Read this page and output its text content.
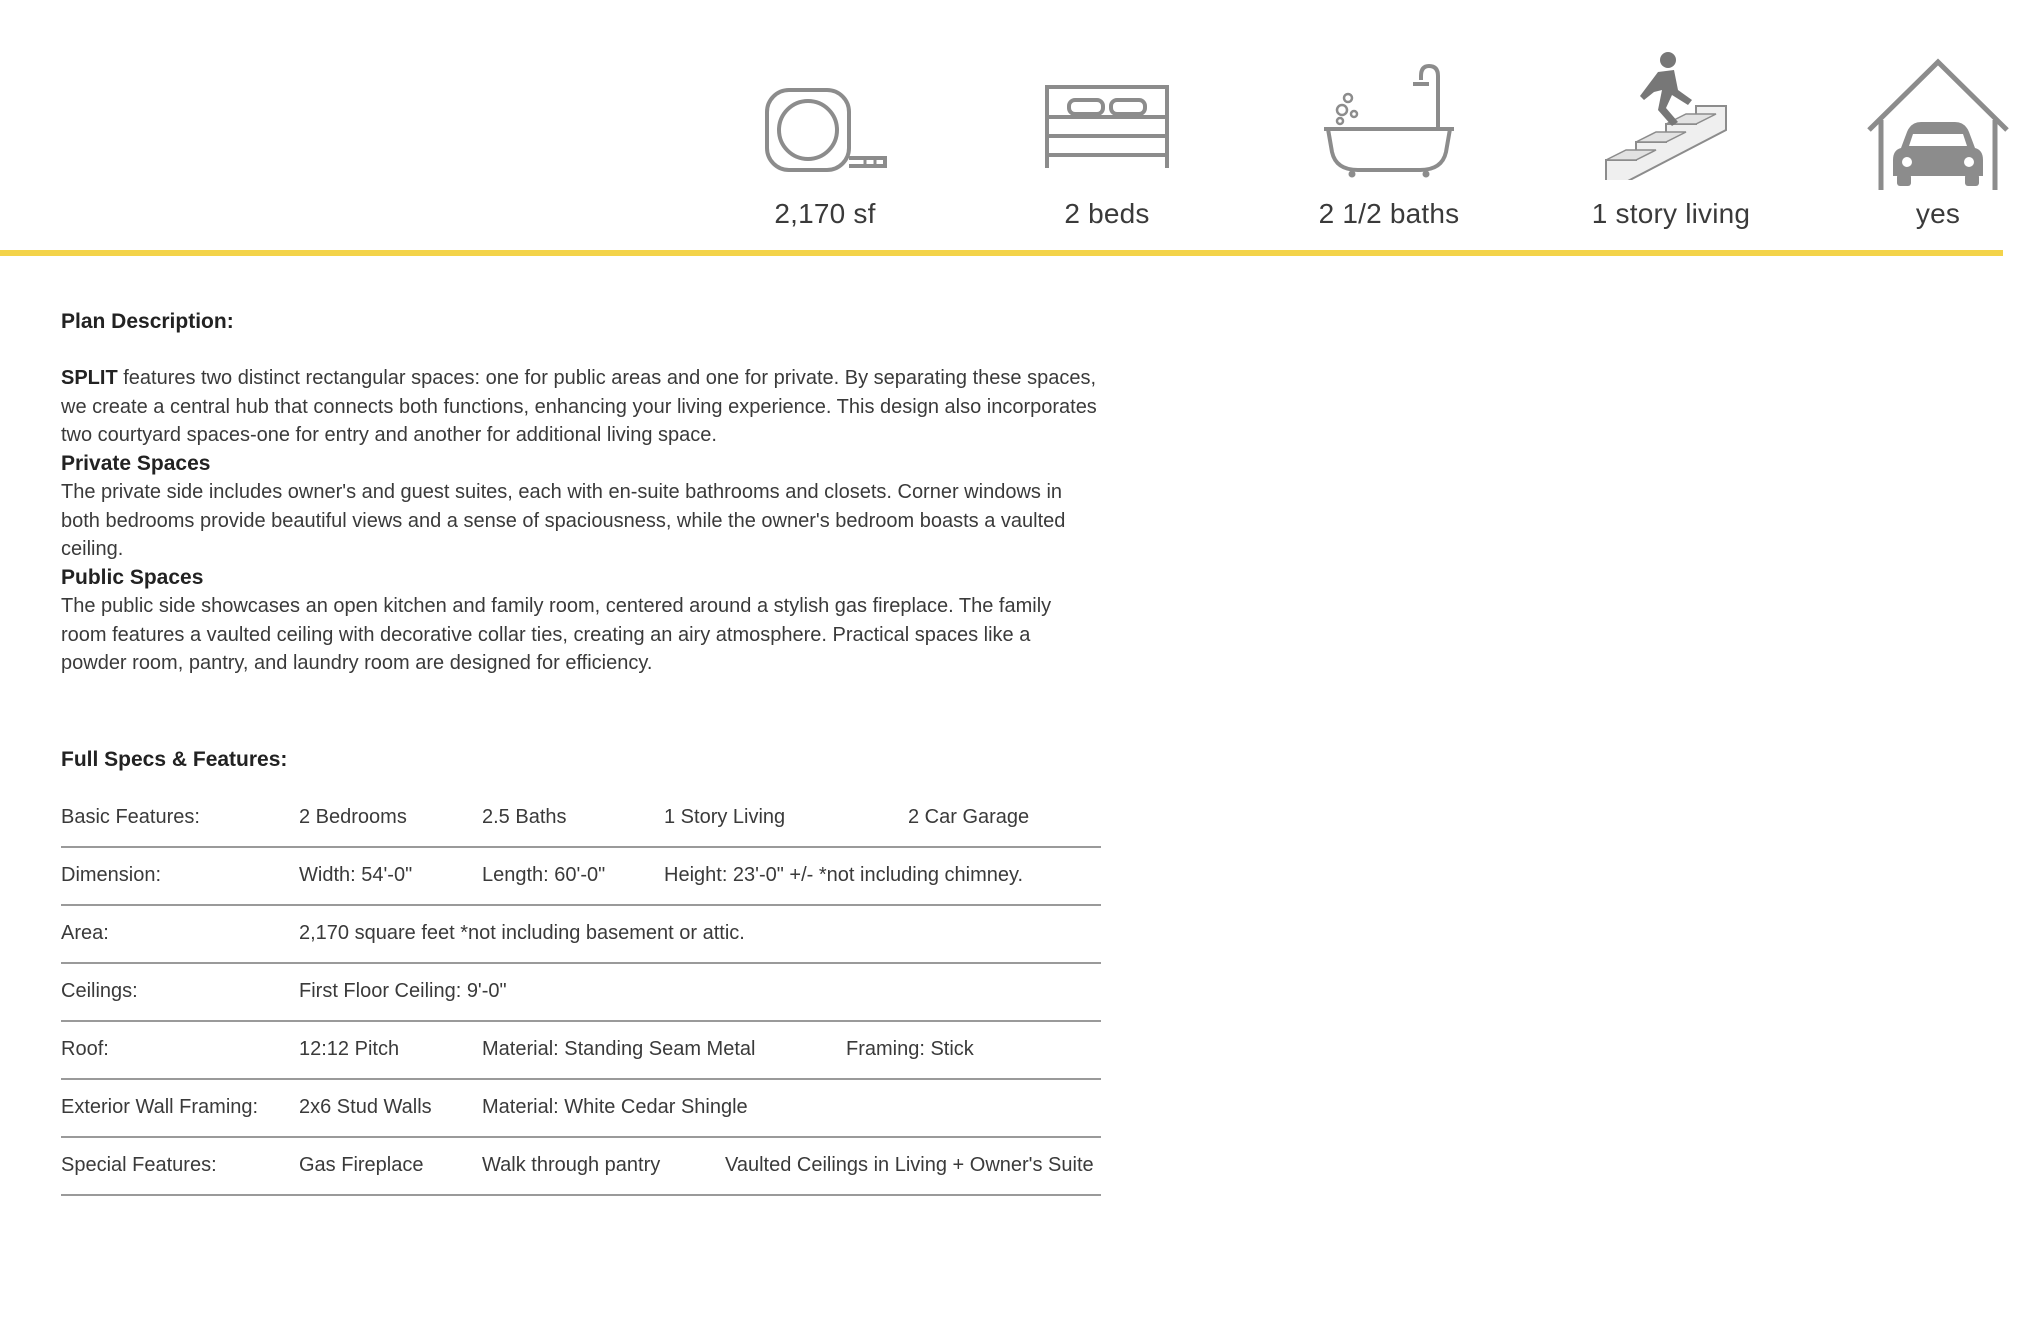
2,170 sf	2 beds	2 1/2 baths	1 story living	yes

Plan Description:

SPLIT features two distinct rectangular spaces: one for public areas and one for private. By separating these spaces, we create a central hub that connects both functions, enhancing your living experience. This design also incorporates two courtyard spaces-one for entry and another for additional living space.

Private Spaces

The private side includes owner's and guest suites, each with en-suite bathrooms and closets. Corner windows in both bedrooms provide beautiful views and a sense of spaciousness, while the owner's bedroom boasts a vaulted ceiling.

Public Spaces

The public side showcases an open kitchen and family room, centered around a stylish gas fireplace. The family room features a vaulted ceiling with decorative collar ties, creating an airy atmosphere. Practical spaces like a powder room, pantry, and laundry room are designed for efficiency.

Full Specs & Features:
Basic Features:	2 Bedrooms	2.5 Baths	1 Story Living	2 Car Garage
Dimension:	Width: 54'-0"	Length: 60'-0"	Height: 23'-0" +/- *not including chimney.
Area:	2,170 square feet *not including basement or attic.
Ceilings:	First Floor Ceiling: 9'-0"
Roof:	12:12 Pitch	Material: Standing Seam Metal	Framing: Stick
Exterior Wall Framing: 2x6 Stud Walls	Material: White Cedar Shingle
Special Features:	Gas Fireplace	Walk through pantry	Vaulted Ceilings in Living + Owner's Suite
